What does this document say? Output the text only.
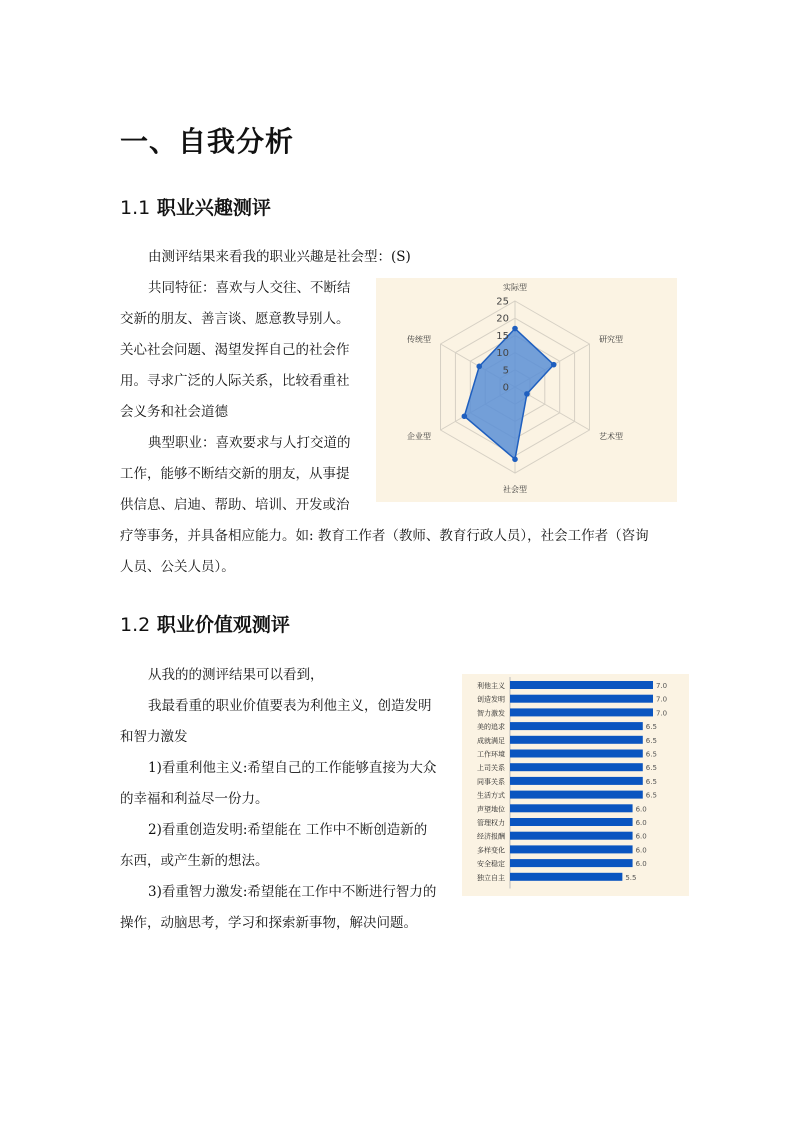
一、自我分析
1.1 职业兴趣测评
由测评结果来看我的职业兴趣是社会型：(S)
共同特征：喜欢与人交往、不断结
交新的朋友、善言谈、愿意教导别人。
关心社会问题、渴望发挥自己的社会作
用。寻求广泛的人际关系，比较看重社
会义务和社会道德
典型职业：喜欢要求与人打交道的
工作，能够不断结交新的朋友，从事提
供信息、启迪、帮助、培训、开发或治
疗等事务，并具备相应能力。如: 教育工作者（教师、教育行政人员），社会工作者（咨询
人员、公关人员）。
0
5
10
15
20
25
实际型
研究型
艺术型
社会型
企业型
传统型
1.2 职业价值观测评
从我的的测评结果可以看到，
我最看重的职业价值要表为利他主义，创造发明
和智力激发
1)看重利他主义:希望自己的工作能够直接为大众
的幸福和利益尽一份力。
2)看重创造发明:希望能在 工作中不断创造新的
东西，或产生新的想法。
3)看重智力激发:希望能在工作中不断进行智力的
操作，动脑思考，学习和探索新事物，解决问题。
利他主义	7.0
创造发明	7.0
智力激发	7.0
美的追求	6.5
成就满足	6.5
工作环境	6.5
上司关系	6.5
同事关系	6.5
生活方式	6.5
声望地位	6.0
管理权力	6.0
经济报酬	6.0
多样变化	6.0
安全稳定	6.0
独立自主	5.5
